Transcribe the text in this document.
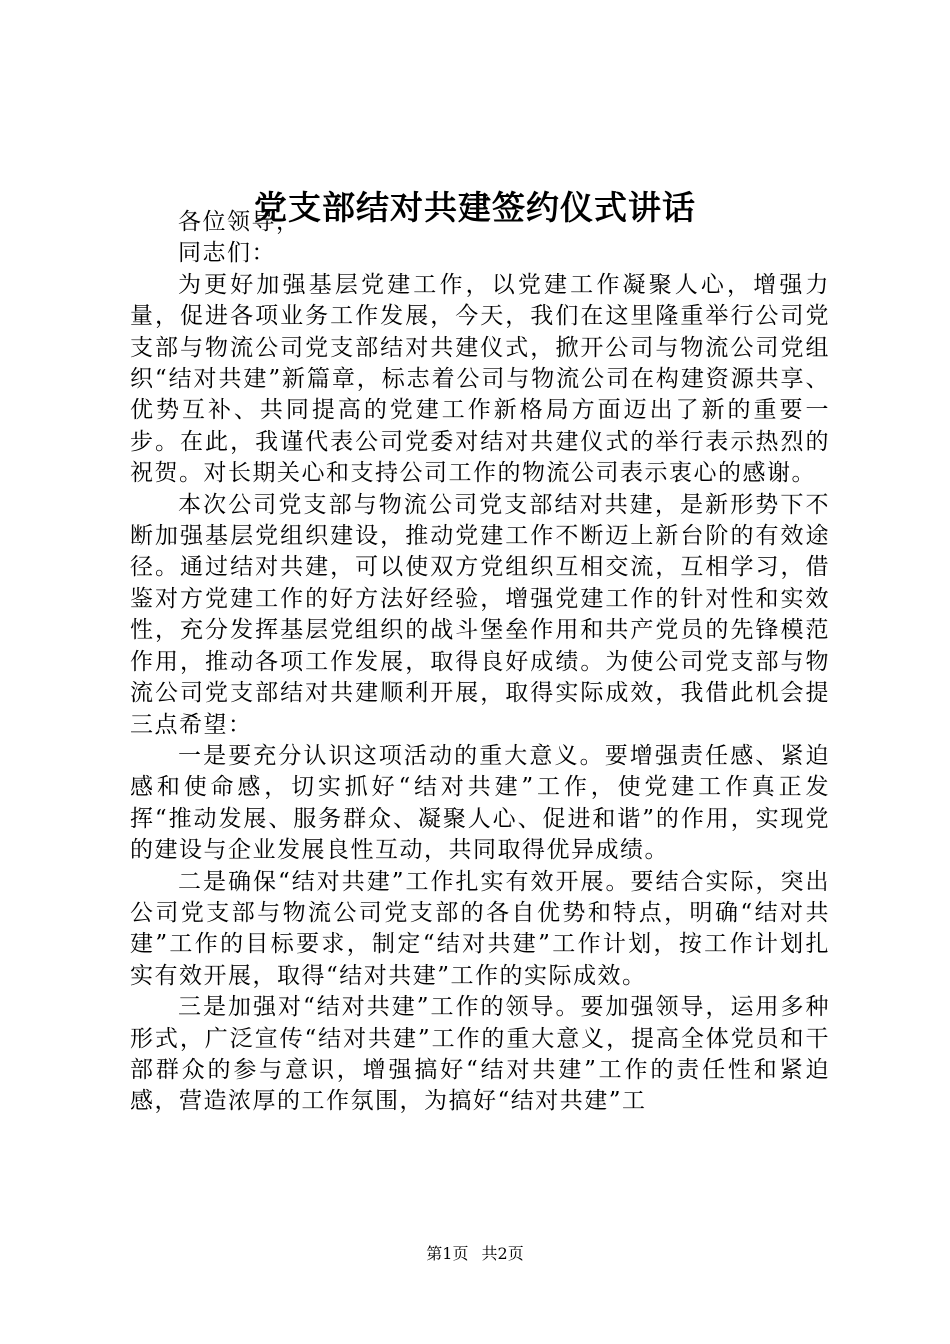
党支部结对共建签约仪式讲话

各位领导，

同志们：

为更好加强基层党建工作，以党建工作凝聚人心，增强力量，促进各项业务工作发展，今天，我们在这里隆重举行公司党支部与物流公司党支部结对共建仪式，掀开公司与物流公司党组织“结对共建”新篇章，标志着公司与物流公司在构建资源共享、优势互补、共同提高的党建工作新格局方面迈出了新的重要一步。在此，我谨代表公司党委对结对共建仪式的举行表示热烈的祝贺。对长期关心和支持公司工作的物流公司表示衷心的感谢。

本次公司党支部与物流公司党支部结对共建，是新形势下不断加强基层党组织建设，推动党建工作不断迈上新台阶的有效途径。通过结对共建，可以使双方党组织互相交流，互相学习，借鉴对方党建工作的好方法好经验，增强党建工作的针对性和实效性，充分发挥基层党组织的战斗堡垒作用和共产党员的先锋模范作用，推动各项工作发展，取得良好成绩。为使公司党支部与物流公司党支部结对共建顺利开展，取得实际成效，我借此机会提三点希望：

一是要充分认识这项活动的重大意义。要增强责任感、紧迫感和使命感，切实抓好“结对共建”工作，使党建工作真正发挥“推动发展、服务群众、凝聚人心、促进和谐”的作用，实现党的建设与企业发展良性互动，共同取得优异成绩。

二是确保“结对共建”工作扎实有效开展。要结合实际，突出公司党支部与物流公司党支部的各自优势和特点，明确“结对共建”工作的目标要求，制定“结对共建”工作计划，按工作计划扎实有效开展，取得“结对共建”工作的实际成效。

三是加强对“结对共建”工作的领导。要加强领导，运用多种形式，广泛宣传“结对共建”工作的重大意义，提高全体党员和干部群众的参与意识，增强搞好“结对共建”工作的责任性和紧迫感，营造浓厚的工作氛围，为搞好“结对共建”工

第1页 共2页
